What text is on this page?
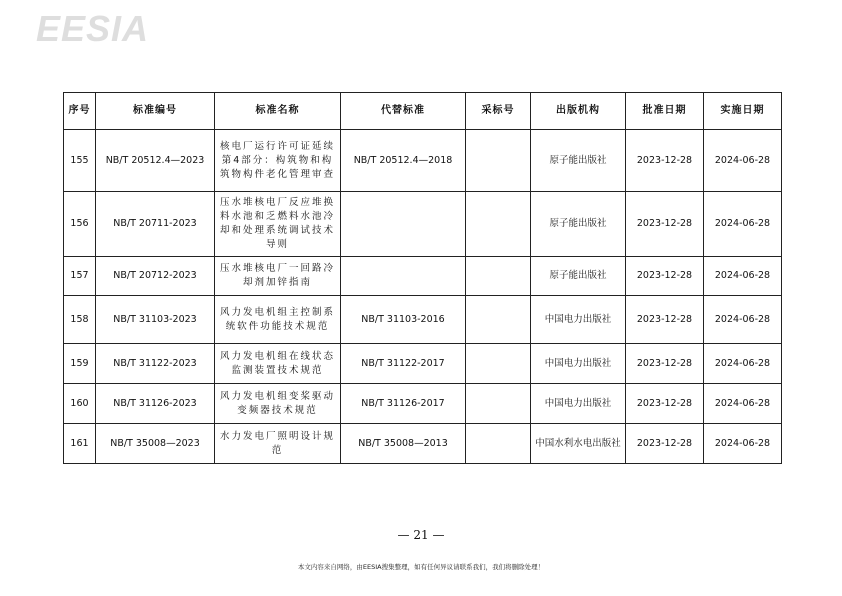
EESIA
序号	标准编号	标准名称	代替标准	采标号	出版机构	批准日期	实施日期
155	NB/T 20512.4—2023	核电厂运行许可证延续 第4部分：构筑物和构筑物构件老化管理审查	NB/T 20512.4—2018		原子能出版社	2023-12-28	2024-06-28
156	NB/T 20711-2023	压水堆核电厂反应堆换料水池和乏燃料水池冷却和处理系统调试技术导则			原子能出版社	2023-12-28	2024-06-28
157	NB/T 20712-2023	压水堆核电厂一回路冷却剂加锌指南			原子能出版社	2023-12-28	2024-06-28
158	NB/T 31103-2023	风力发电机组主控制系统软件功能技术规范	NB/T 31103-2016		中国电力出版社	2023-12-28	2024-06-28
159	NB/T 31122-2023	风力发电机组在线状态监测装置技术规范	NB/T 31122-2017		中国电力出版社	2023-12-28	2024-06-28
160	NB/T 31126-2023	风力发电机组变桨驱动变频器技术规范	NB/T 31126-2017		中国电力出版社	2023-12-28	2024-06-28
161	NB/T 35008—2023	水力发电厂照明设计规范	NB/T 35008—2013		中国水利水电出版社	2023-12-28	2024-06-28
— 21 —
本文内容来自网络，由EESIA搜集整理，如有任何异议请联系我们，我们将删除处理！
